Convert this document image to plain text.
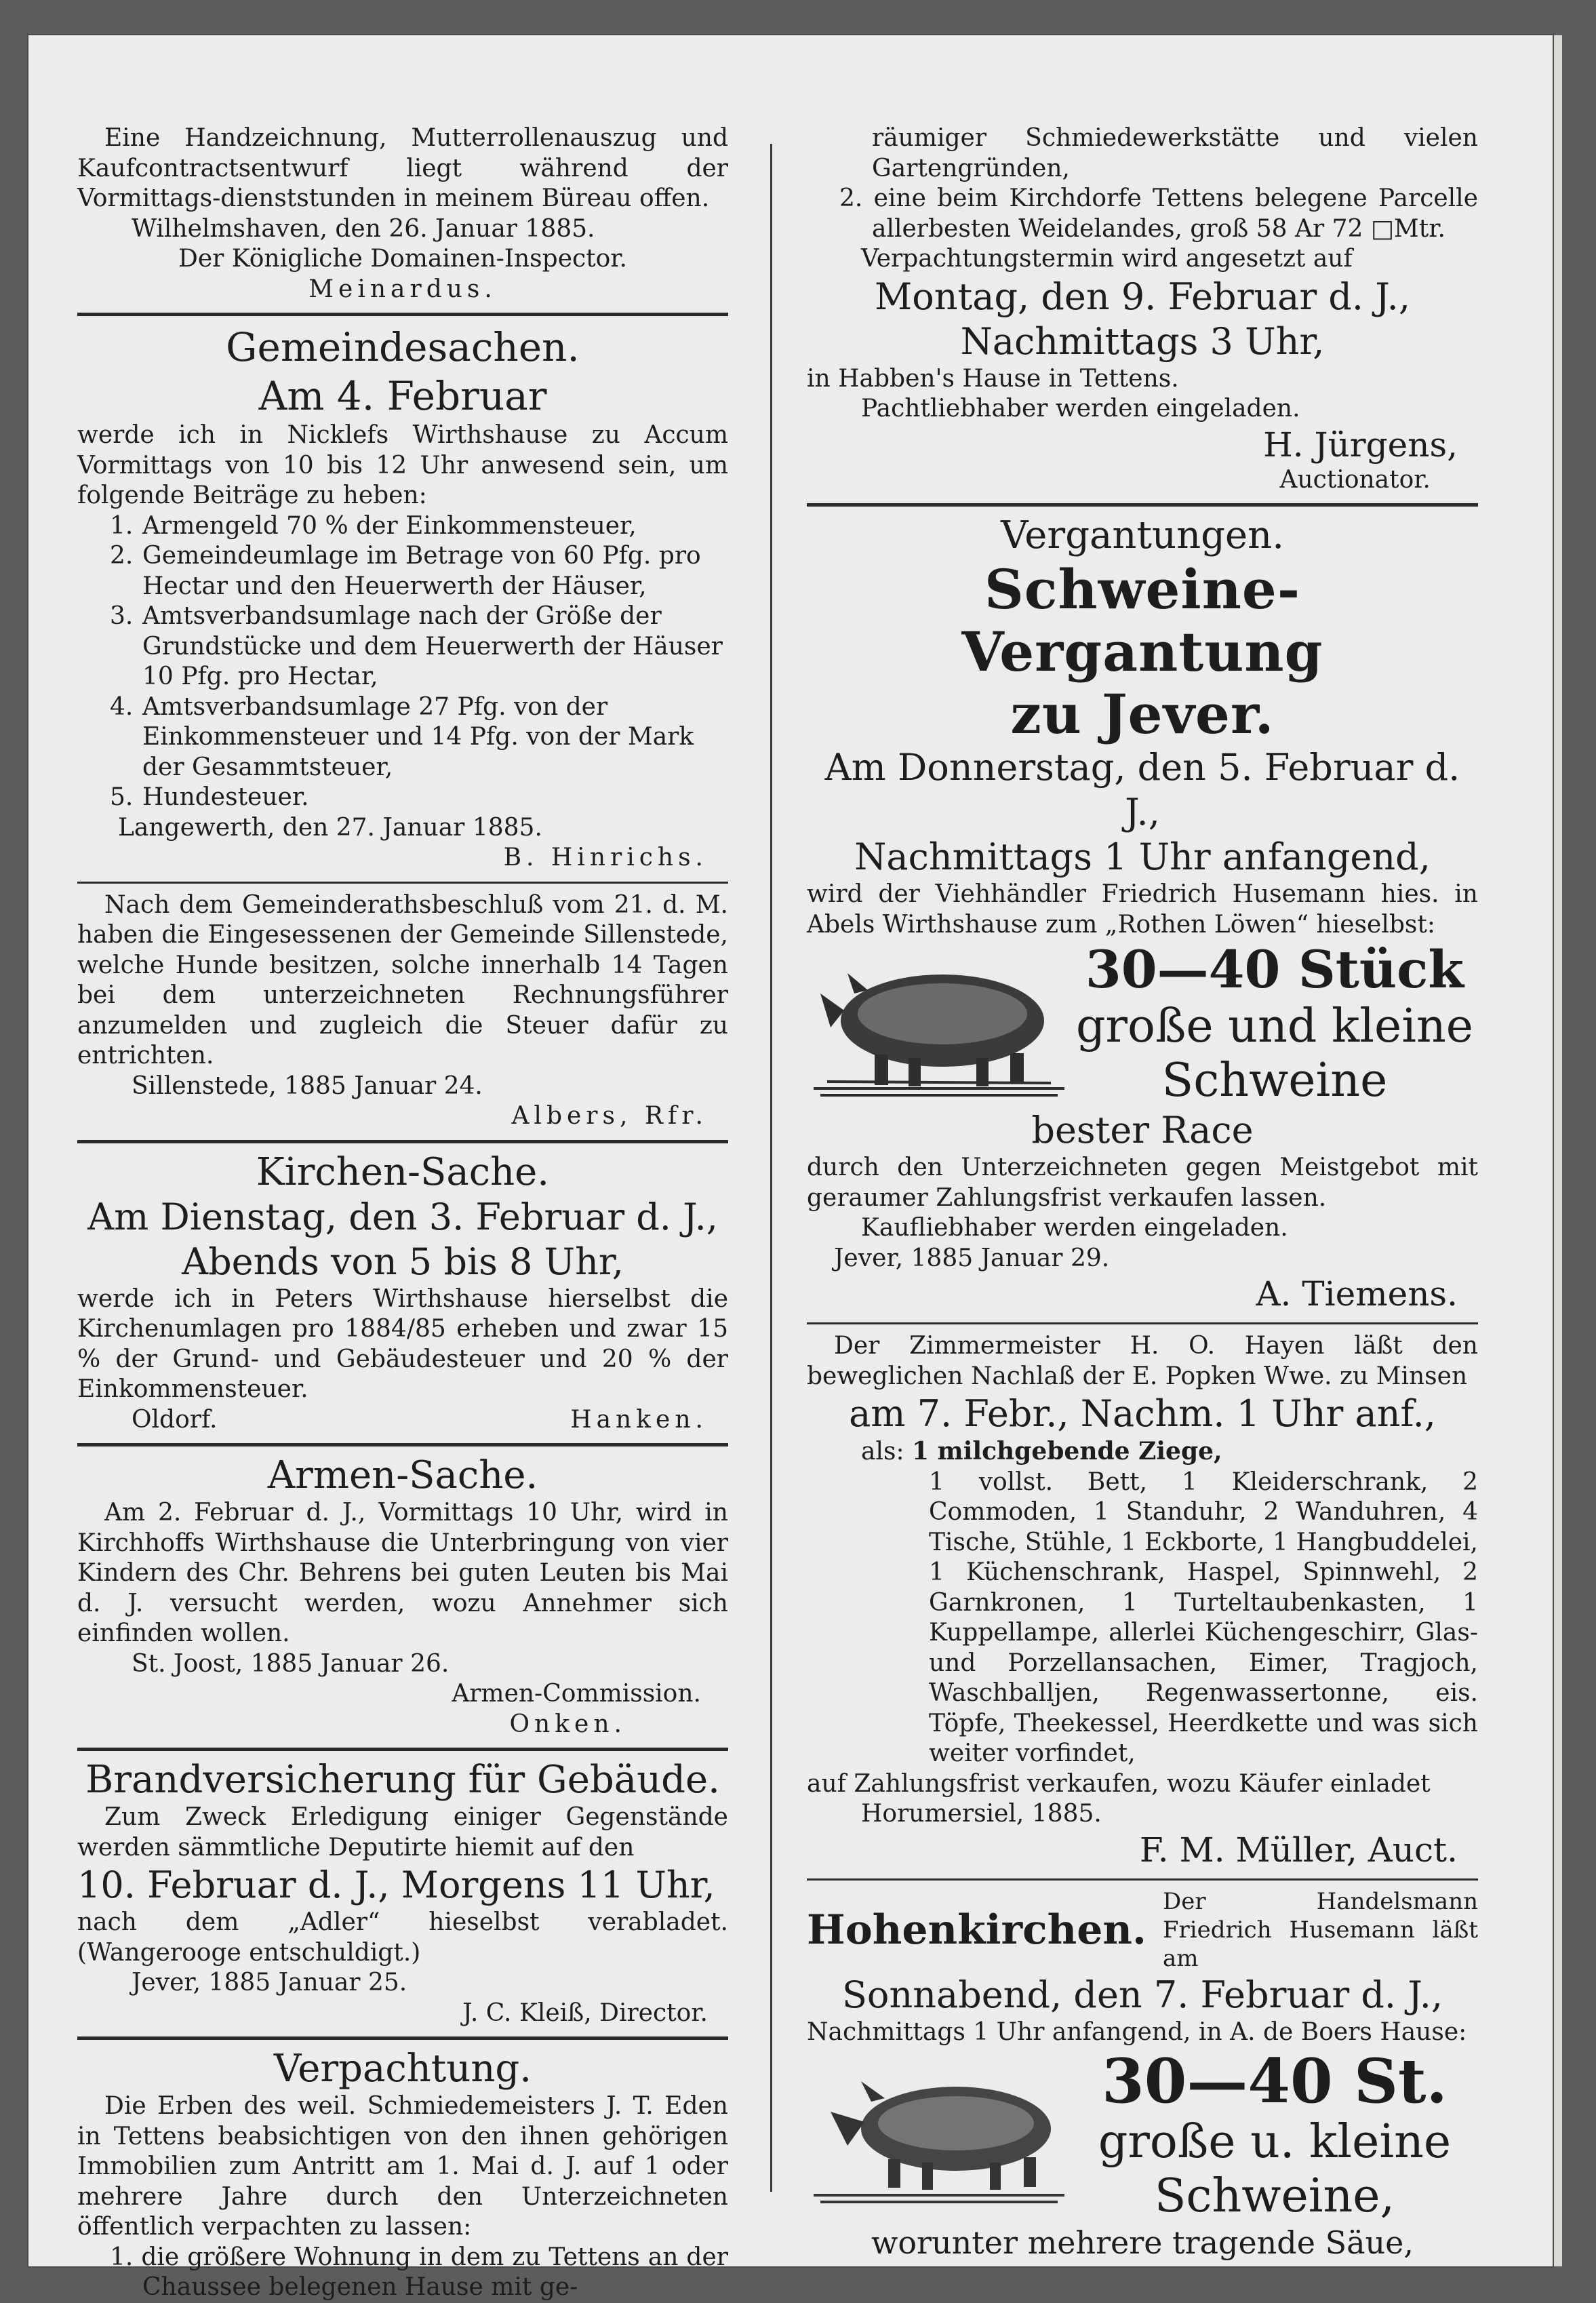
Eine Handzeichnung, Mutterrollenauszug und Kaufcontractsentwurf liegt während der Vormittags-dienststunden in meinem Büreau offen.

Wilhelmshaven, den 26. Januar 1885.

Der Königliche Domainen-Inspector.

Meinardus.

Gemeindesachen.

Am 4. Februar

werde ich in Nicklefs Wirthshause zu Accum Vormittags von 10 bis 12 Uhr anwesend sein, um folgende Beiträge zu heben:

1. Armengeld 70 % der Einkommensteuer,

2. Gemeindeumlage im Betrage von 60 Pfg. pro Hectar und den Heuerwerth der Häuser,

3. Amtsverbandsumlage nach der Größe der Grundstücke und dem Heuerwerth der Häuser 10 Pfg. pro Hectar,

4. Amtsverbandsumlage 27 Pfg. von der Einkommensteuer und 14 Pfg. von der Mark der Gesammtsteuer,

5. Hundesteuer.

Langewerth, den 27. Januar 1885.

B. Hinrichs.

Nach dem Gemeinderathsbeschluß vom 21. d. M. haben die Eingesessenen der Gemeinde Sillenstede, welche Hunde besitzen, solche innerhalb 14 Tagen bei dem unterzeichneten Rechnungsführer anzumelden und zugleich die Steuer dafür zu entrichten.

Sillenstede, 1885 Januar 24.

Albers, Rfr.

Kirchen-Sache.

Am Dienstag, den 3. Februar d. J.,

Abends von 5 bis 8 Uhr,

werde ich in Peters Wirthshause hierselbst die Kirchenumlagen pro 1884/85 erheben und zwar 15 % der Grund- und Gebäudesteuer und 20 % der Einkommensteuer.

Oldorf.	Hanken.

Armen-Sache.

Am 2. Februar d. J., Vormittags 10 Uhr, wird in Kirchhoffs Wirthshause die Unterbringung von vier Kindern des Chr. Behrens bei guten Leuten bis Mai d. J. versucht werden, wozu Annehmer sich einfinden wollen.

St. Joost, 1885 Januar 26.

Armen-Commission.

Onken.

Brandversicherung für Gebäude.

Zum Zweck Erledigung einiger Gegenstände werden sämmtliche Deputirte hiemit auf den

10. Februar d. J., Morgens 11 Uhr,

nach dem „Adler“ hieselbst verabladet. (Wangerooge entschuldigt.)

Jever, 1885 Januar 25.

J. C. Kleiß, Director.

Verpachtung.

Die Erben des weil. Schmiedemeisters J. T. Eden in Tettens beabsichtigen von den ihnen gehörigen Immobilien zum Antritt am 1. Mai d. J. auf 1 oder mehrere Jahre durch den Unterzeichneten öffentlich verpachten zu lassen:

1. die größere Wohnung in dem zu Tettens an der Chaussee belegenen Hause mit ge-

räumiger Schmiedewerkstätte und vielen Gartengründen,

2. eine beim Kirchdorfe Tettens belegene Parcelle allerbesten Weidelandes, groß 58 Ar 72 □Mtr.

Verpachtungstermin wird angesetzt auf

Montag, den 9. Februar d. J.,

Nachmittags 3 Uhr,

in Habben's Hause in Tettens.

Pachtliebhaber werden eingeladen.

H. Jürgens,

Auctionator.

Vergantungen.

Schweine-Vergantung

zu Jever.

Am Donnerstag, den 5. Februar d. J.,

Nachmittags 1 Uhr anfangend,

wird der Viehhändler Friedrich Husemann hies. in Abels Wirthshause zum „Rothen Löwen“ hieselbst:

30—40 Stück

große und kleine

Schweine

bester Race

durch den Unterzeichneten gegen Meistgebot mit geraumer Zahlungsfrist verkaufen lassen.

Kaufliebhaber werden eingeladen.

Jever, 1885 Januar 29.

A. Tiemens.

Der Zimmermeister H. O. Hayen läßt den beweglichen Nachlaß der E. Popken Wwe. zu Minsen

am 7. Febr., Nachm. 1 Uhr anf.,

als: 1 milchgebende Ziege,

1 vollst. Bett, 1 Kleiderschrank, 2 Commoden, 1 Standuhr, 2 Wanduhren, 4 Tische, Stühle, 1 Eckborte, 1 Hangbuddelei, 1 Küchenschrank, Haspel, Spinnwehl, 2 Garnkronen, 1 Turteltaubenkasten, 1 Kuppellampe, allerlei Küchengeschirr, Glas- und Porzellansachen, Eimer, Tragjoch, Waschballjen, Regenwassertonne, eis. Töpfe, Theekessel, Heerdkette und was sich weiter vorfindet,

auf Zahlungsfrist verkaufen, wozu Käufer einladet

Horumersiel, 1885.

F. M. Müller, Auct.

Hohenkirchen.
Der Handelsmann Friedrich Husemann läßt am

Sonnabend, den 7. Februar d. J.,

Nachmittags 1 Uhr anfangend, in A. de Boers Hause:

30—40 St.

große u. kleine

Schweine,

worunter mehrere tragende Säue,
